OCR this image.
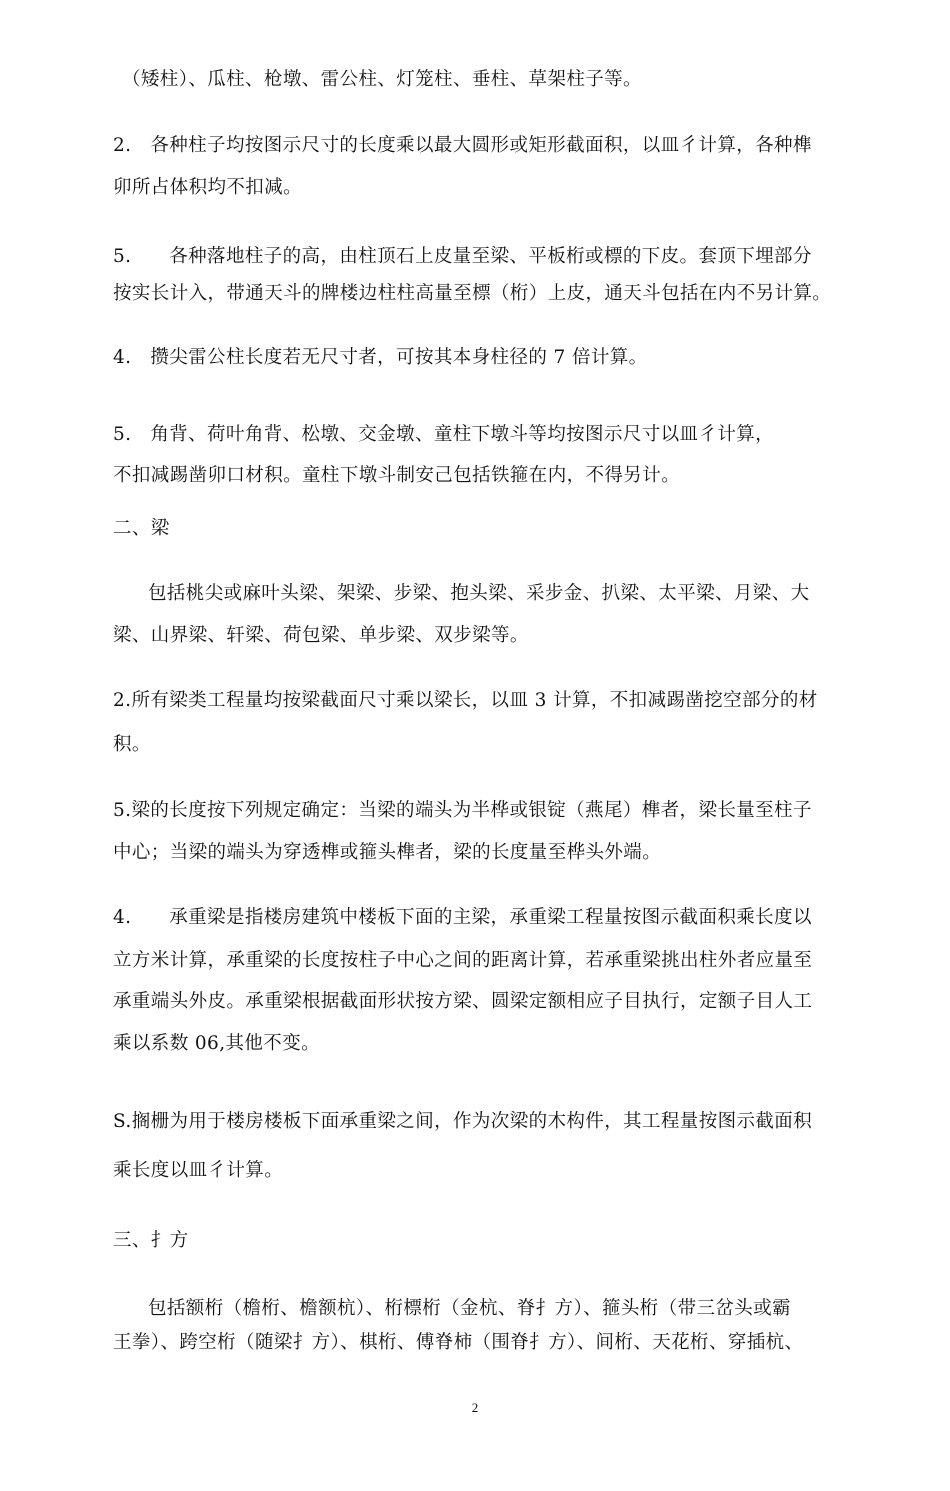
（矮柱）、瓜柱、枪墩、雷公柱、灯笼柱、垂柱、草架柱子等。
2.　各种柱子均按图示尺寸的长度乘以最大圆形或矩形截面积，以皿彳计算，各种榫
卯所占体积均不扣减。
5.　　各种落地柱子的高，由柱顶石上皮量至梁、平板桁或標的下皮。套顶下埋部分
按实长计入，带通天斗的牌楼边柱柱高量至標（桁）上皮，通天斗包括在内不另计算。
4.　攒尖雷公柱长度若无尺寸者，可按其本身柱径的 7 倍计算。
5.　角背、荷叶角背、松墩、交金墩、童柱下墩斗等均按图示尺寸以皿彳计算，
不扣减踢凿卯口材积。童柱下墩斗制安己包括铁箍在内，不得另计。
二、梁
包括桃尖或麻叶头梁、架梁、步梁、抱头梁、采步金、扒梁、太平梁、月梁、大
梁、山界梁、轩梁、荷包梁、单步梁、双步梁等。
2.所有梁类工程量均按梁截面尺寸乘以梁长，以皿 3 计算，不扣减踢凿挖空部分的材
积。
5.梁的长度按下列规定确定：当梁的端头为半桦或银锭（燕尾）榫者，梁长量至柱子
中心；当梁的端头为穿透榫或箍头榫者，梁的长度量至桦头外端。
4.　　承重梁是指楼房建筑中楼板下面的主梁，承重梁工程量按图示截面积乘长度以
立方米计算，承重梁的长度按柱子中心之间的距离计算，若承重梁挑出柱外者应量至
承重端头外皮。承重梁根据截面形状按方梁、圆梁定额相应子目执行，定额子目人工
乘以系数 06,其他不变。
S.搁栅为用于楼房楼板下面承重梁之间，作为次梁的木构件，其工程量按图示截面积
乘长度以皿彳计算。
三、扌方
包括额桁（檐桁、檐额杭）、桁標桁（金杭、脊扌方）、箍头桁（带三岔头或霸
王拳）、跨空桁（随梁扌方）、棋桁、傅脊柿（围脊扌方）、间桁、天花桁、穿插杭、
2
